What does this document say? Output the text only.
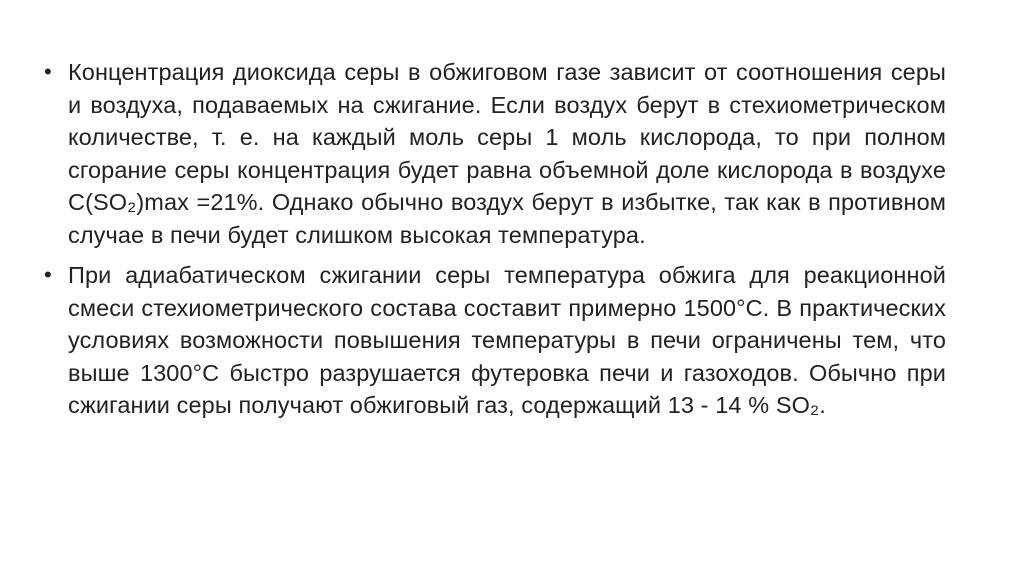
• Концентрация диоксида серы в обжиговом газе зависит от соотношения серы и воздуха, подаваемых на сжигание. Если воздух берут в стехиометрическом количестве, т. е. на каждый моль серы 1 моль кислорода, то при полном сгорание серы концентрация будет равна объемной доле кислорода в воздухе С(SO₂)max =21%. Однако обычно воздух берут в избытке, так как в противном случае в печи будет слишком высокая температура.

• При адиабатическом сжигании серы температура обжига для реакционной смеси стехиометрического состава составит примерно 1500°С. В практических условиях возможности повышения температуры в печи ограничены тем, что выше 1300°С быстро разрушается футеровка печи и газоходов. Обычно при сжигании серы получают обжиговый газ, содержащий 13 - 14 % SO₂.
